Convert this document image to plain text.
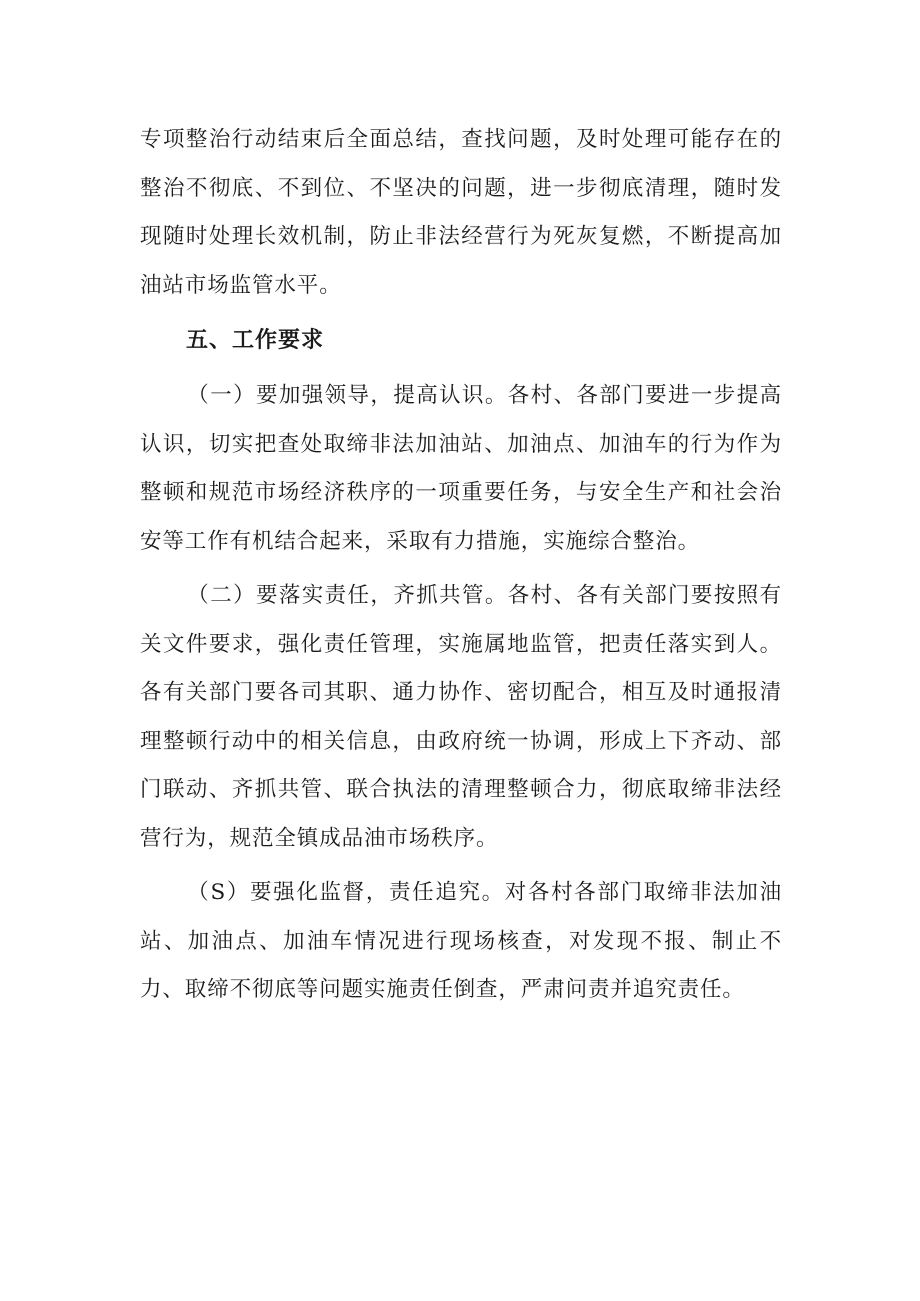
专项整治行动结束后全面总结，查找问题，及时处理可能存在的整治不彻底、不到位、不坚决的问题，进一步彻底清理，随时发现随时处理长效机制，防止非法经营行为死灰复燃，不断提高加油站市场监管水平。

五、工作要求

（一）要加强领导，提高认识。各村、各部门要进一步提高认识，切实把查处取缔非法加油站、加油点、加油车的行为作为整顿和规范市场经济秩序的一项重要任务，与安全生产和社会治安等工作有机结合起来，采取有力措施，实施综合整治。

（二）要落实责任，齐抓共管。各村、各有关部门要按照有关文件要求，强化责任管理，实施属地监管，把责任落实到人。各有关部门要各司其职、通力协作、密切配合，相互及时通报清理整顿行动中的相关信息，由政府统一协调，形成上下齐动、部门联动、齐抓共管、联合执法的清理整顿合力，彻底取缔非法经营行为，规范全镇成品油市场秩序。

（S）要强化监督，责任追究。对各村各部门取缔非法加油站、加油点、加油车情况进行现场核查，对发现不报、制止不力、取缔不彻底等问题实施责任倒查，严肃问责并追究责任。
